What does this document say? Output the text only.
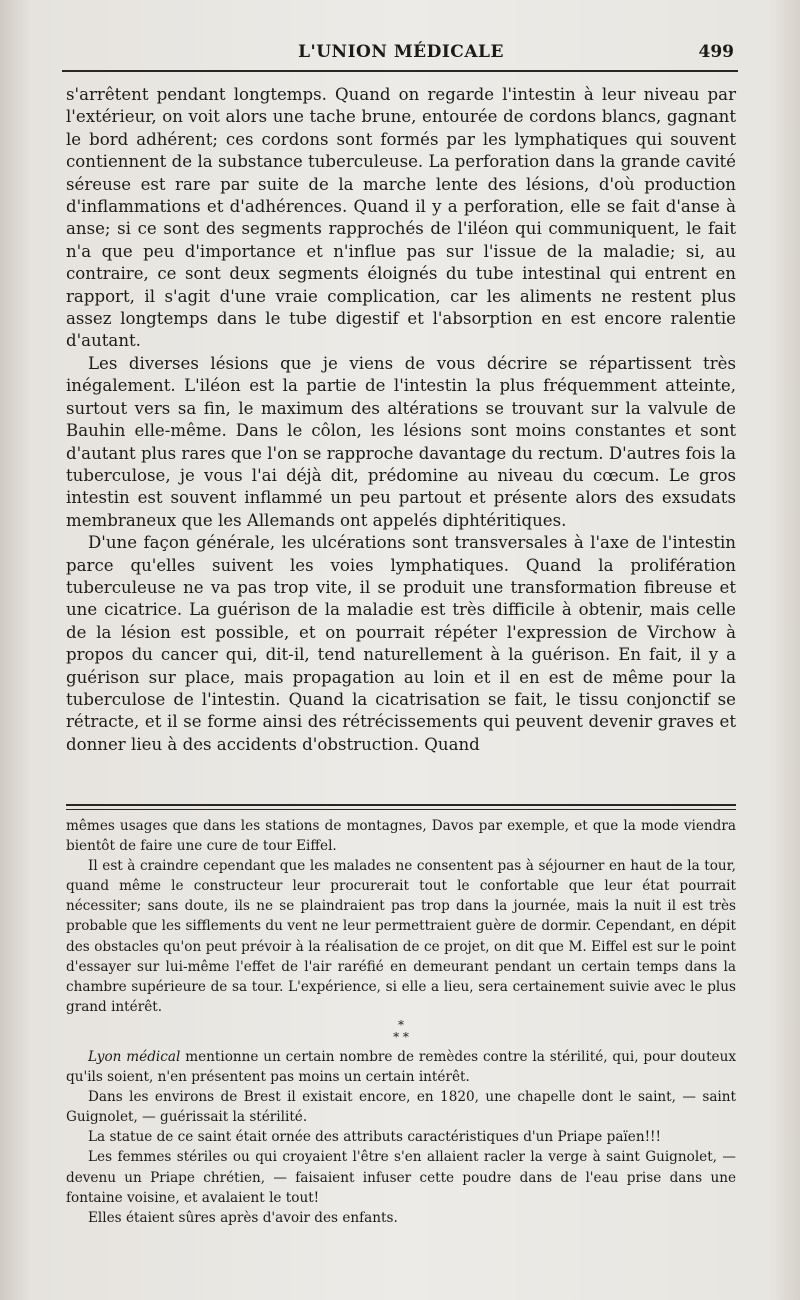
L'UNION MÉDICALE	499

s'arrêtent pendant longtemps. Quand on regarde l'intestin à leur niveau par l'extérieur, on voit alors une tache brune, entourée de cordons blancs, gagnant le bord adhérent; ces cordons sont formés par les lymphatiques qui souvent contiennent de la substance tuberculeuse. La perforation dans la grande cavité séreuse est rare par suite de la marche lente des lésions, d'où production d'inflammations et d'adhérences. Quand il y a perforation, elle se fait d'anse à anse; si ce sont des segments rapprochés de l'iléon qui communiquent, le fait n'a que peu d'importance et n'influe pas sur l'issue de la maladie; si, au contraire, ce sont deux segments éloignés du tube intestinal qui entrent en rapport, il s'agit d'une vraie complication, car les aliments ne restent plus assez longtemps dans le tube digestif et l'absorption en est encore ralentie d'autant.

Les diverses lésions que je viens de vous décrire se répartissent très inégalement. L'iléon est la partie de l'intestin la plus fréquemment atteinte, surtout vers sa fin, le maximum des altérations se trouvant sur la valvule de Bauhin elle-même. Dans le côlon, les lésions sont moins constantes et sont d'autant plus rares que l'on se rapproche davantage du rectum. D'autres fois la tuberculose, je vous l'ai déjà dit, prédomine au niveau du cœcum. Le gros intestin est souvent inflammé un peu partout et présente alors des exsudats membraneux que les Allemands ont appelés diphtéritiques.

D'une façon générale, les ulcérations sont transversales à l'axe de l'intestin parce qu'elles suivent les voies lymphatiques. Quand la prolifération tuberculeuse ne va pas trop vite, il se produit une transformation fibreuse et une cicatrice. La guérison de la maladie est très difficile à obtenir, mais celle de la lésion est possible, et on pourrait répéter l'expression de Virchow à propos du cancer qui, dit-il, tend naturellement à la guérison. En fait, il y a guérison sur place, mais propagation au loin et il en est de même pour la tuberculose de l'intestin. Quand la cicatrisation se fait, le tissu conjonctif se rétracte, et il se forme ainsi des rétrécissements qui peuvent devenir graves et donner lieu à des accidents d'obstruction. Quand

mêmes usages que dans les stations de montagnes, Davos par exemple, et que la mode viendra bientôt de faire une cure de tour Eiffel.

Il est à craindre cependant que les malades ne consentent pas à séjourner en haut de la tour, quand même le constructeur leur procurerait tout le confortable que leur état pourrait nécessiter; sans doute, ils ne se plaindraient pas trop dans la journée, mais la nuit il est très probable que les sifflements du vent ne leur permettraient guère de dormir. Cependant, en dépit des obstacles qu'on peut prévoir à la réalisation de ce projet, on dit que M. Eiffel est sur le point d'essayer sur lui-même l'effet de l'air raréfié en demeurant pendant un certain temps dans la chambre supérieure de sa tour. L'expérience, si elle a lieu, sera certainement suivie avec le plus grand intérêt.

*
* *

Lyon médical mentionne un certain nombre de remèdes contre la stérilité, qui, pour douteux qu'ils soient, n'en présentent pas moins un certain intérêt.

Dans les environs de Brest il existait encore, en 1820, une chapelle dont le saint, — saint Guignolet, — guérissait la stérilité.

La statue de ce saint était ornée des attributs caractéristiques d'un Priape païen!!!

Les femmes stériles ou qui croyaient l'être s'en allaient racler la verge à saint Guignolet, — devenu un Priape chrétien, — faisaient infuser cette poudre dans de l'eau prise dans une fontaine voisine, et avalaient le tout!

Elles étaient sûres après d'avoir des enfants.
